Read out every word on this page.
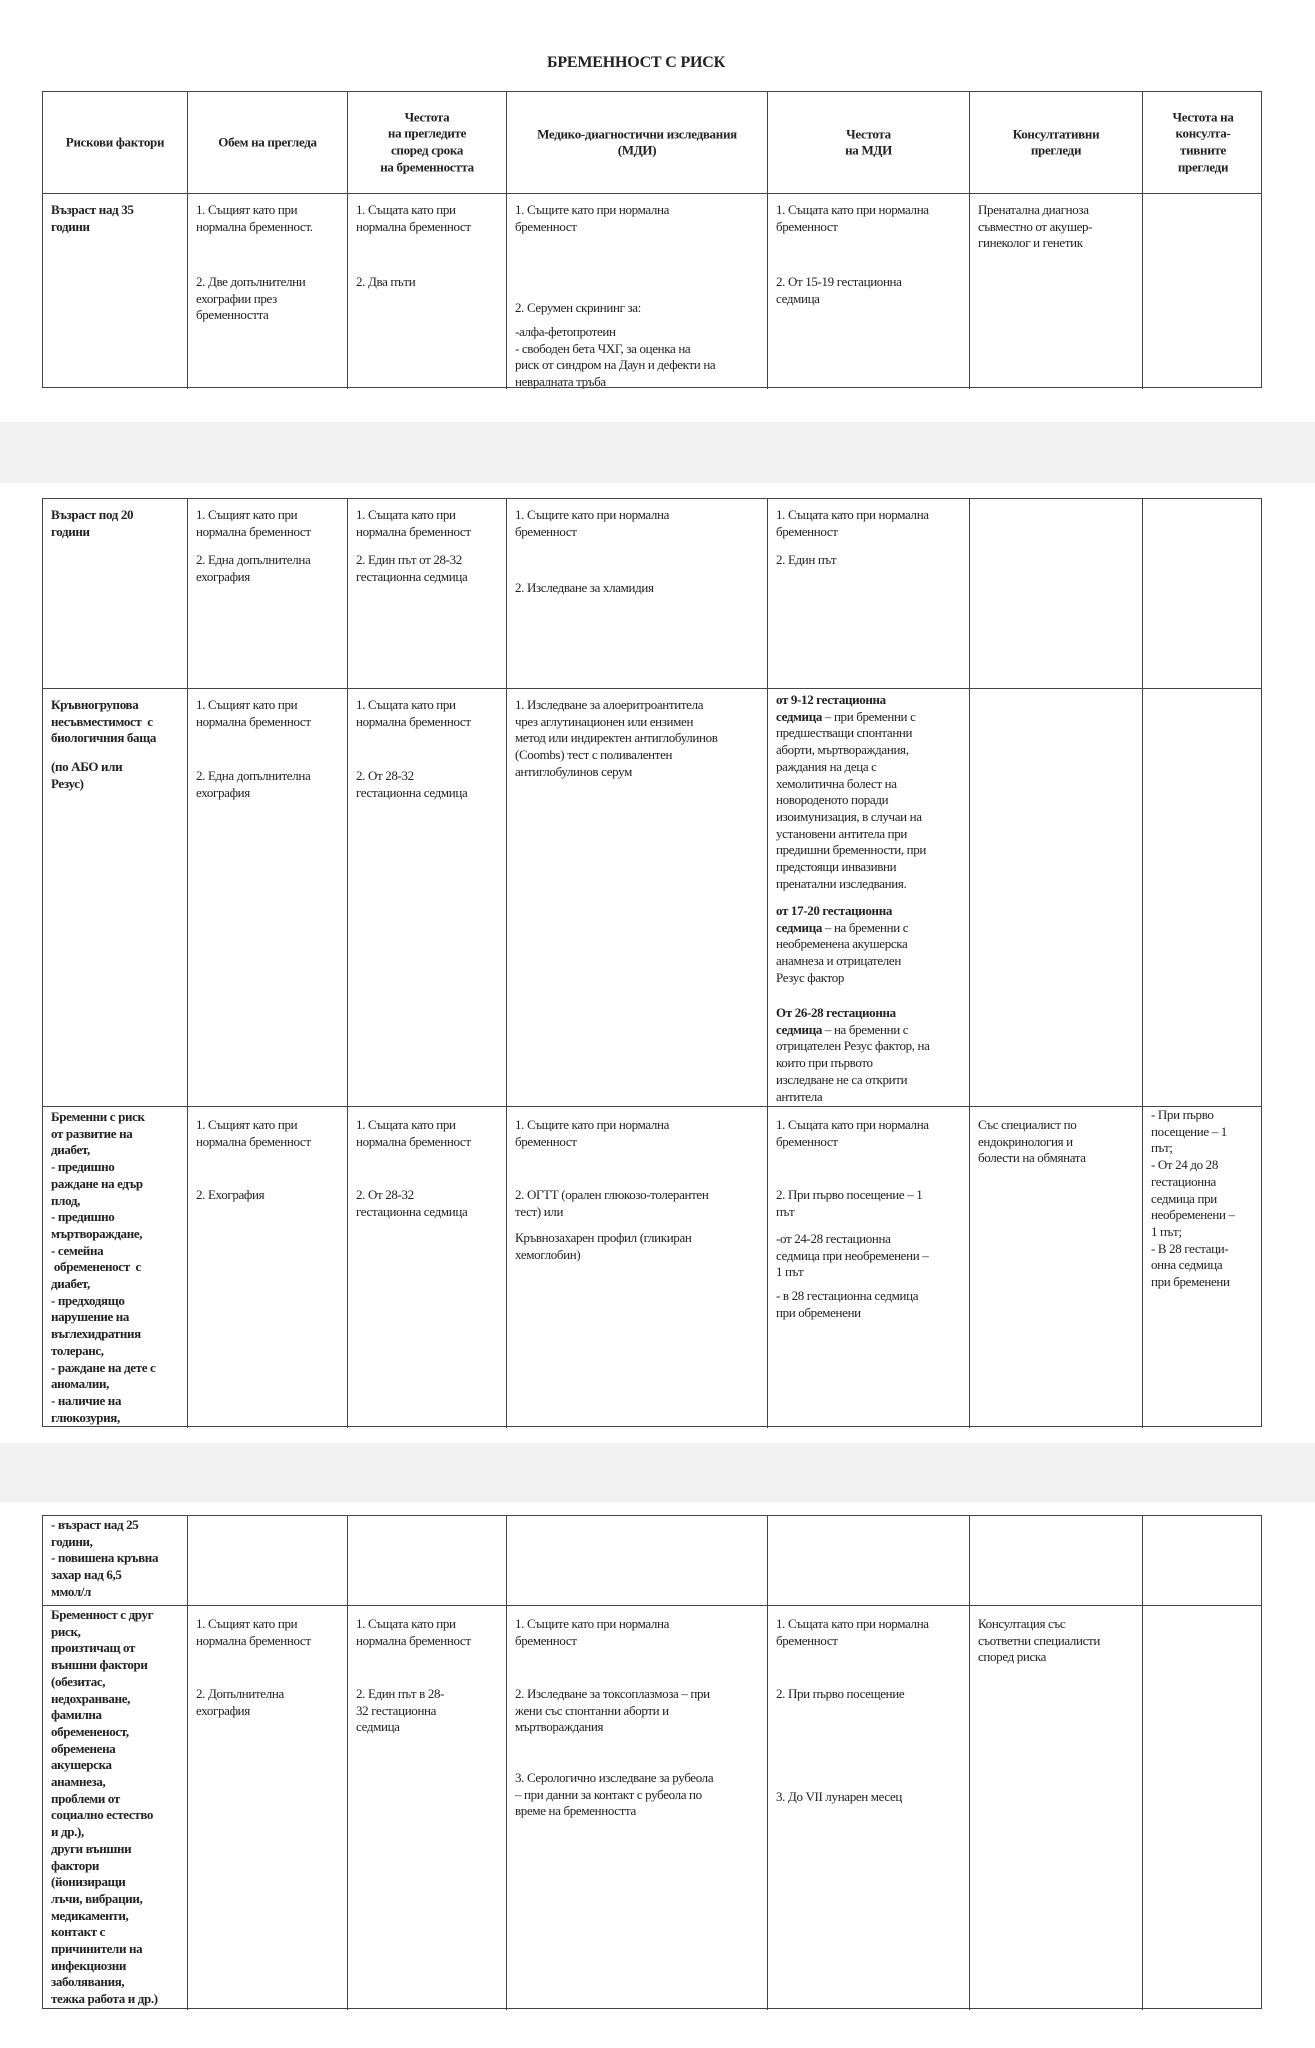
БРЕМЕННОСТ С РИСК
Рискови фактори	Обем на прегледа
Честота
на прегледите
според срока
на бременността
Медико-диагностични изследвания
(МДИ)
Честота
на МДИ
Консултативни
прегледи
Честота на
консулта-
тивните
прегледи
Възраст над 35
години
1. Същият като при
нормална бременност.
2. Две допълнителни
ехографии през
бременността
1. Същата като при
нормална бременност
2. Два пъти
1. Същите като при нормална
бременност
2. Серумен скрининг за:
-алфа-фетопротеин
- свободен бета ЧХГ, за оценка на
риск от синдром на Даун и дефекти на
невралната тръба
1. Същата като при нормална
бременност
2. От 15-19 гестационна
седмица
Пренатална диагноза
съвместно от акушер-
гинеколог и генетик
Възраст под 20
години
1. Същият като при
нормална бременност
2. Една допълнителна
ехография
1. Същата като при
нормална бременност
2. Един път от 28-32
гестационна седмица
1. Същите като при нормална
бременност
2. Изследване за хламидия
1. Същата като при нормална
бременност
2. Един път
Кръвногрупова
несъвместимост  с
биологичния баща
(по АБО или
Резус)
1. Същият като при
нормална бременност
2. Една допълнителна
ехография
1. Същата като при
нормална бременност
2. От 28-32
гестационна седмица
1. Изследване за алоеритроантитела
чрез аглутинационен или ензимен
метод или индиректен антиглобулинов
(Coombs) тест с поливалентен
антиглобулинов серум
от 9-12 гестационна
седмица – при бременни с
предшестващи спонтанни
аборти, мъртвораждания,
раждания на деца с
хемолитична болест на
новороденото поради
изоимунизация, в случаи на
установени антитела при
предишни бременности, при
предстоящи инвазивни
пренатални изследвания.
от 17-20 гестационна
седмица – на бременни с
необременена акушерска
анамнеза и отрицателен
Резус фактор
От 26-28 гестационна
седмица – на бременни с
отрицателен Резус фактор, на
които при първото
изследване не са открити
антитела
Бременни с риск
от развитие на
диабет,
- предишно
раждане на едър
плод,
- предишно
мъртвораждане,
- семейна
обремененост  с
диабет,
- предходящо
нарушение на
въглехидратния
толеранс,
- раждане на дете с
аномалии,
- наличие на
глюкозурия,
1. Същият като при
нормална бременност
2. Ехография
1. Същата като при
нормална бременност
2. От 28-32
гестационна седмица
1. Същите като при нормална
бременност
2. ОГТТ (орален глюкозо-толерантен
тест) или
Кръвнозахарен профил (гликиран
хемоглобин)
1. Същата като при нормална
бременност
2. При първо посещение – 1
път
-от 24-28 гестационна
седмица при необременени –
1 път
- в 28 гестационна седмица
при обременени
Със специалист по
ендокринология и
болести на обмяната
- При първо
посещение – 1
път;
- От 24 до 28
гестационна
седмица при
необременени –
1 път;
- В 28 гестаци-
онна седмица
при бременени
- възраст над 25
години,
- повишена кръвна
захар над 6,5
ммол/л
Бременност с друг
риск,
произтичащ от
външни фактори
(обезитас,
недохранване,
фамилна
обремененост,
обременена
акушерска
анамнеза,
проблеми от
социално естество
и др.),
други външни
фактори
(йонизиращи
лъчи, вибрации,
медикаменти,
контакт с
причинители на
инфекциозни
заболявания,
тежка работа и др.)
1. Същият като при
нормална бременност
2. Допълнителна
ехография
1. Същата като при
нормална бременност
2. Един път в 28-
32 гестационна
седмица
1. Същите като при нормална
бременност
2. Изследване за токсоплазмоза – при
жени със спонтанни аборти и
мъртвораждания
3. Серологично изследване за рубеола
– при данни за контакт с рубеола по
време на бременността
1. Същата като при нормална
бременност
2. При първо посещение
3. До VII лунарен месец
Консултация със
съответни специалисти
според риска
